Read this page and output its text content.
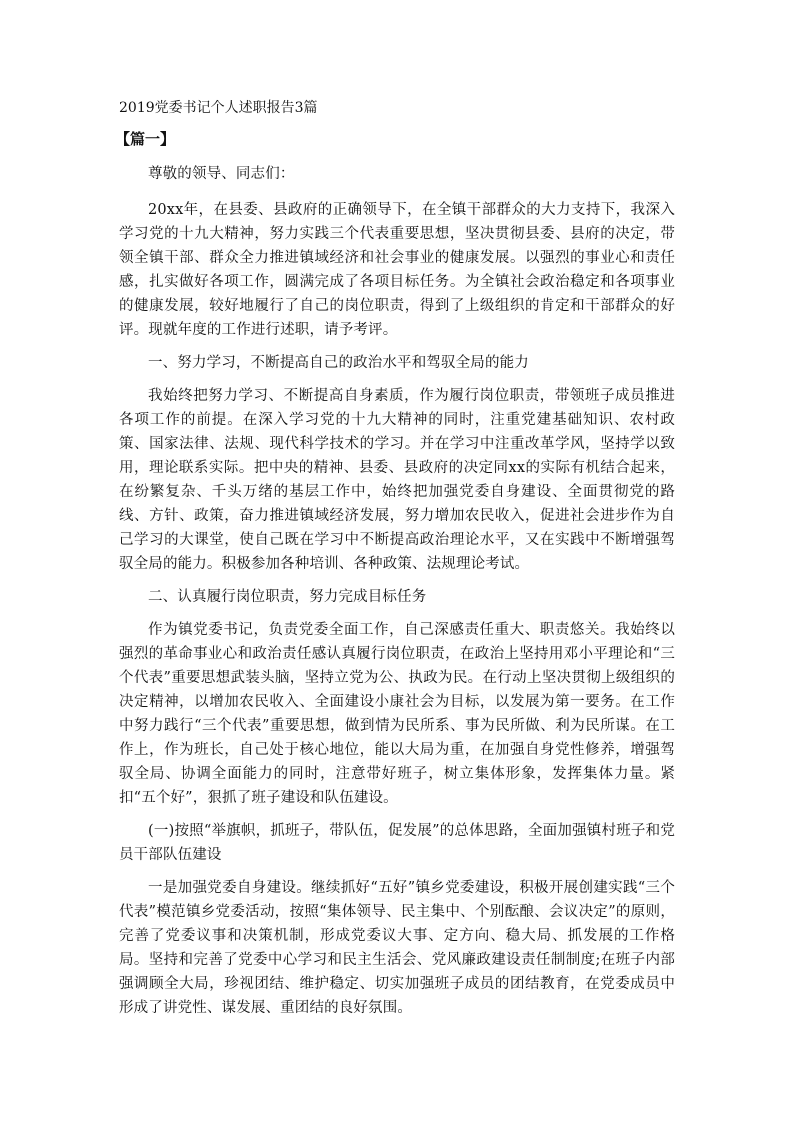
2019党委书记个人述职报告3篇
【篇一】

尊敬的领导、同志们：

20xx年，在县委、县政府的正确领导下，在全镇干部群众的大力支持下，我深入学习党的十九大精神，努力实践三个代表重要思想，坚决贯彻县委、县府的决定，带领全镇干部、群众全力推进镇域经济和社会事业的健康发展。以强烈的事业心和责任感，扎实做好各项工作，圆满完成了各项目标任务。为全镇社会政治稳定和各项事业的健康发展，较好地履行了自己的岗位职责，得到了上级组织的肯定和干部群众的好评。现就年度的工作进行述职，请予考评。

一、努力学习，不断提高自己的政治水平和驾驭全局的能力

我始终把努力学习、不断提高自身素质，作为履行岗位职责，带领班子成员推进各项工作的前提。在深入学习党的十九大精神的同时，注重党建基础知识、农村政策、国家法律、法规、现代科学技术的学习。并在学习中注重改革学风，坚持学以致用，理论联系实际。把中央的精神、县委、县政府的决定同xx的实际有机结合起来，在纷繁复杂、千头万绪的基层工作中，始终把加强党委自身建设、全面贯彻党的路线、方针、政策，奋力推进镇域经济发展，努力增加农民收入，促进社会进步作为自己学习的大课堂，使自己既在学习中不断提高政治理论水平，又在实践中不断增强驾驭全局的能力。积极参加各种培训、各种政策、法规理论考试。

二、认真履行岗位职责，努力完成目标任务

作为镇党委书记，负责党委全面工作，自己深感责任重大、职责悠关。我始终以强烈的革命事业心和政治责任感认真履行岗位职责，在政治上坚持用邓小平理论和“三个代表”重要思想武装头脑，坚持立党为公、执政为民。在行动上坚决贯彻上级组织的决定精神，以增加农民收入、全面建设小康社会为目标，以发展为第一要务。在工作中努力践行“三个代表”重要思想，做到情为民所系、事为民所做、利为民所谋。在工作上，作为班长，自己处于核心地位，能以大局为重，在加强自身党性修养，增强驾驭全局、协调全面能力的同时，注意带好班子，树立集体形象，发挥集体力量。紧扣“五个好”，狠抓了班子建设和队伍建设。

(一)按照“举旗帜，抓班子，带队伍，促发展”的总体思路，全面加强镇村班子和党员干部队伍建设

一是加强党委自身建设。继续抓好“五好”镇乡党委建设，积极开展创建实践“三个代表”模范镇乡党委活动，按照“集体领导、民主集中、个别酝酿、会议决定”的原则，完善了党委议事和决策机制，形成党委议大事、定方向、稳大局、抓发展的工作格局。坚持和完善了党委中心学习和民主生活会、党风廉政建设责任制制度;在班子内部强调顾全大局，珍视团结、维护稳定、切实加强班子成员的团结教育，在党委成员中形成了讲党性、谋发展、重团结的良好氛围。
